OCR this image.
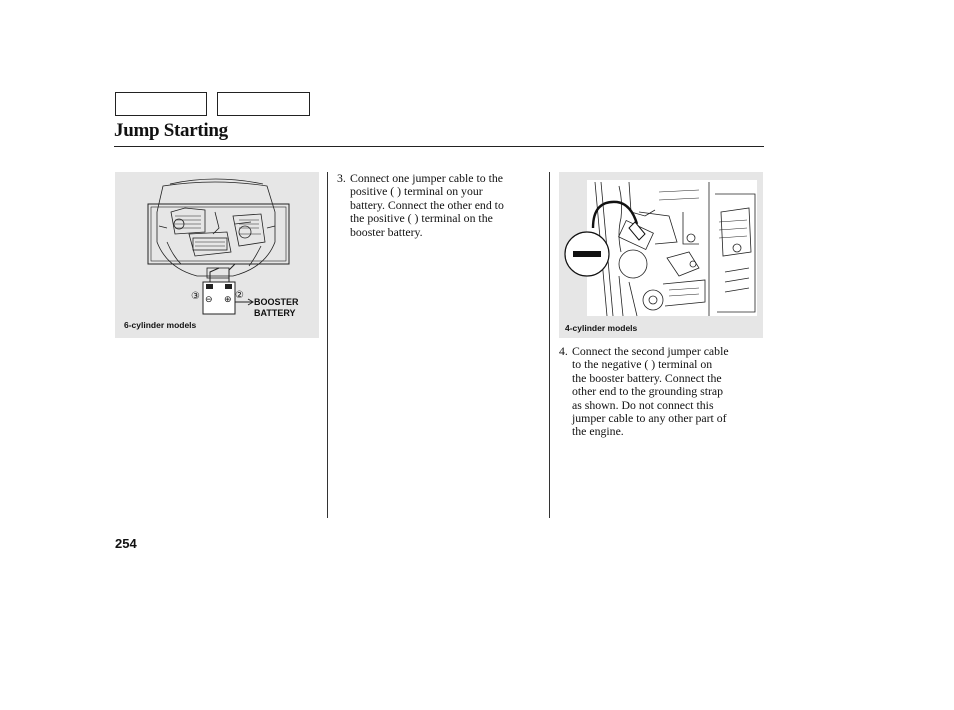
Jump Starting
⊖ ⊕
③	②
BOOSTER
BATTERY
6-cylinder models	4-cylinder models
3. Connect one jumper cable to the
positive ( ) terminal on your
battery. Connect the other end to
the positive ( ) terminal on the
booster battery.
4. Connect the second jumper cable
to the negative ( ) terminal on
the booster battery. Connect the
other end to the grounding strap
as shown. Do not connect this
jumper cable to any other part of
the engine.
254
